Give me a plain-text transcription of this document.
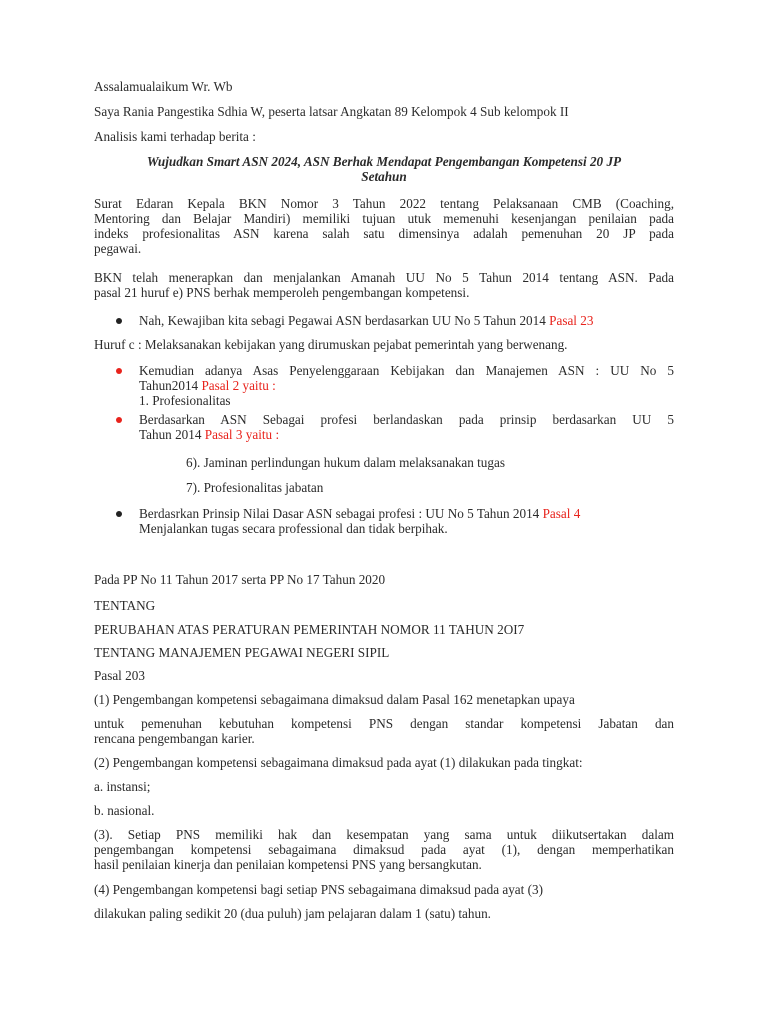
Assalamualaikum Wr. Wb
Saya Rania Pangestika Sdhia W, peserta latsar Angkatan 89 Kelompok 4 Sub kelompok II
Analisis kami terhadap berita :
Wujudkan Smart ASN 2024, ASN Berhak Mendapat Pengembangan Kompetensi 20 JP
Setahun
Surat Edaran Kepala BKN Nomor 3 Tahun 2022 tentang Pelaksanaan CMB (Coaching,
Mentoring dan Belajar Mandiri) memiliki tujuan utuk memenuhi kesenjangan penilaian pada
indeks profesionalitas ASN karena salah satu dimensinya adalah pemenuhan 20 JP pada
pegawai.
BKN telah menerapkan dan menjalankan Amanah UU No 5 Tahun 2014 tentang ASN. Pada
pasal 21 huruf e) PNS berhak memperoleh pengembangan kompetensi.
Nah, Kewajiban kita sebagi Pegawai ASN berdasarkan UU No 5 Tahun 2014 Pasal 23
Huruf c : Melaksanakan kebijakan yang dirumuskan pejabat pemerintah yang berwenang.
Kemudian adanya Asas Penyelenggaraan Kebijakan dan Manajemen ASN : UU No 5
Tahun2014 Pasal 2 yaitu :
1. Profesionalitas
Berdasarkan ASN Sebagai profesi berlandaskan pada prinsip berdasarkan UU 5
Tahun 2014 Pasal 3 yaitu :
6). Jaminan perlindungan hukum dalam melaksanakan tugas
7). Profesionalitas jabatan
Berdasrkan Prinsip Nilai Dasar ASN sebagai profesi : UU No 5 Tahun 2014 Pasal 4
Menjalankan tugas secara professional dan tidak berpihak.
Pada PP No 11 Tahun 2017 serta PP No 17 Tahun 2020
TENTANG
PERUBAHAN ATAS PERATURAN PEMERINTAH NOMOR 11 TAHUN 2OI7
TENTANG MANAJEMEN PEGAWAI NEGERI SIPIL
Pasal 203
(1) Pengembangan kompetensi sebagaimana dimaksud dalam Pasal 162 menetapkan upaya
untuk pemenuhan kebutuhan kompetensi PNS dengan standar kompetensi Jabatan dan
rencana pengembangan karier.
(2) Pengembangan kompetensi sebagaimana dimaksud pada ayat (1) dilakukan pada tingkat:
a. instansi;
b. nasional.
(3). Setiap PNS memiliki hak dan kesempatan yang sama untuk diikutsertakan dalam
pengembangan kompetensi sebagaimana dimaksud pada ayat (1), dengan memperhatikan
hasil penilaian kinerja dan penilaian kompetensi PNS yang bersangkutan.
(4) Pengembangan kompetensi bagi setiap PNS sebagaimana dimaksud pada ayat (3)
dilakukan paling sedikit 20 (dua puluh) jam pelajaran dalam 1 (satu) tahun.
